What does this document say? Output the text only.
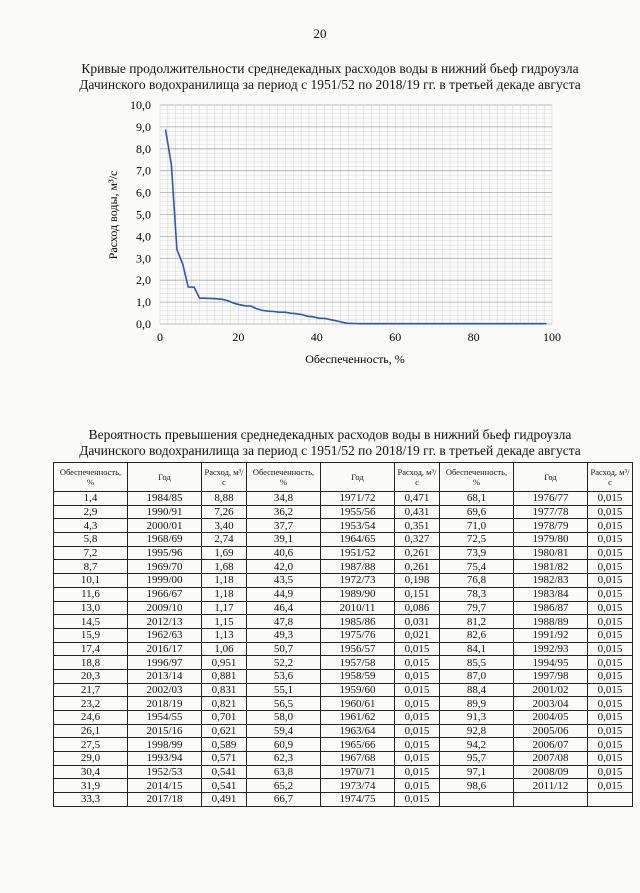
20
Кривые продолжительности среднедекадных расходов воды в нижний бьеф гидроузла
Дачинского водохранилища за период с 1951/52 по 2018/19 гг. в третьей декаде августа
0	20	40	60	80	100
0,0
1,0
2,0
3,0
4,0
5,0
6,0
7,0
8,0
9,0
10,0
Обеспеченность, %
Расход воды, м³/с
Вероятность превышения среднедекадных расходов воды в нижний бьеф гидроузла
Дачинского водохранилища за период с 1951/52 по 2018/19 гг. в третьей декаде августа
Обеспеченность, %	Год	Расход, м³/с	Обеспеченность, %	Год	Расход, м³/с	Обеспеченность, %	Год	Расход, м³/с
1,4	1984/85	8,88	34,8	1971/72	0,471	68,1	1976/77	0,015
2,9	1990/91	7,26	36,2	1955/56	0,431	69,6	1977/78	0,015
4,3	2000/01	3,40	37,7	1953/54	0,351	71,0	1978/79	0,015
5,8	1968/69	2,74	39,1	1964/65	0,327	72,5	1979/80	0,015
7,2	1995/96	1,69	40,6	1951/52	0,261	73,9	1980/81	0,015
8,7	1969/70	1,68	42,0	1987/88	0,261	75,4	1981/82	0,015
10,1	1999/00	1,18	43,5	1972/73	0,198	76,8	1982/83	0,015
11,6	1966/67	1,18	44,9	1989/90	0,151	78,3	1983/84	0,015
13,0	2009/10	1,17	46,4	2010/11	0,086	79,7	1986/87	0,015
14,5	2012/13	1,15	47,8	1985/86	0,031	81,2	1988/89	0,015
15,9	1962/63	1,13	49,3	1975/76	0,021	82,6	1991/92	0,015
17,4	2016/17	1,06	50,7	1956/57	0,015	84,1	1992/93	0,015
18,8	1996/97	0,951	52,2	1957/58	0,015	85,5	1994/95	0,015
20,3	2013/14	0,881	53,6	1958/59	0,015	87,0	1997/98	0,015
21,7	2002/03	0,831	55,1	1959/60	0,015	88,4	2001/02	0,015
23,2	2018/19	0,821	56,5	1960/61	0,015	89,9	2003/04	0,015
24,6	1954/55	0,701	58,0	1961/62	0,015	91,3	2004/05	0,015
26,1	2015/16	0,621	59,4	1963/64	0,015	92,8	2005/06	0,015
27,5	1998/99	0,589	60,9	1965/66	0,015	94,2	2006/07	0,015
29,0	1993/94	0,571	62,3	1967/68	0,015	95,7	2007/08	0,015
30,4	1952/53	0,541	63,8	1970/71	0,015	97,1	2008/09	0,015
31,9	2014/15	0,541	65,2	1973/74	0,015	98,6	2011/12	0,015
33,3	2017/18	0,491	66,7	1974/75	0,015			
